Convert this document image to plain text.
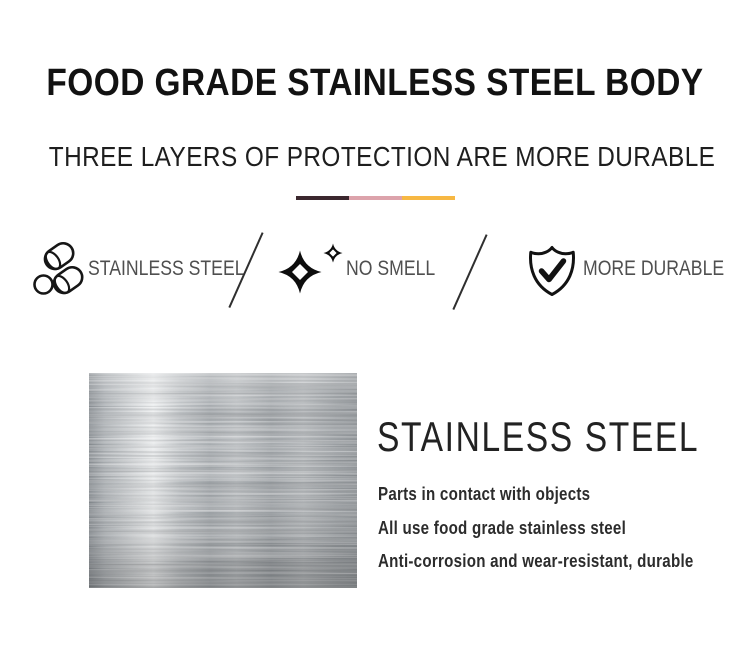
FOOD GRADE STAINLESS STEEL BODY
THREE LAYERS OF PROTECTION ARE MORE DURABLE
STAINLESS STEEL	NO SMELL	MORE DURABLE
STAINLESS STEEL
Parts in contact with objects
All use food grade stainless steel
Anti-corrosion and wear-resistant, durable
